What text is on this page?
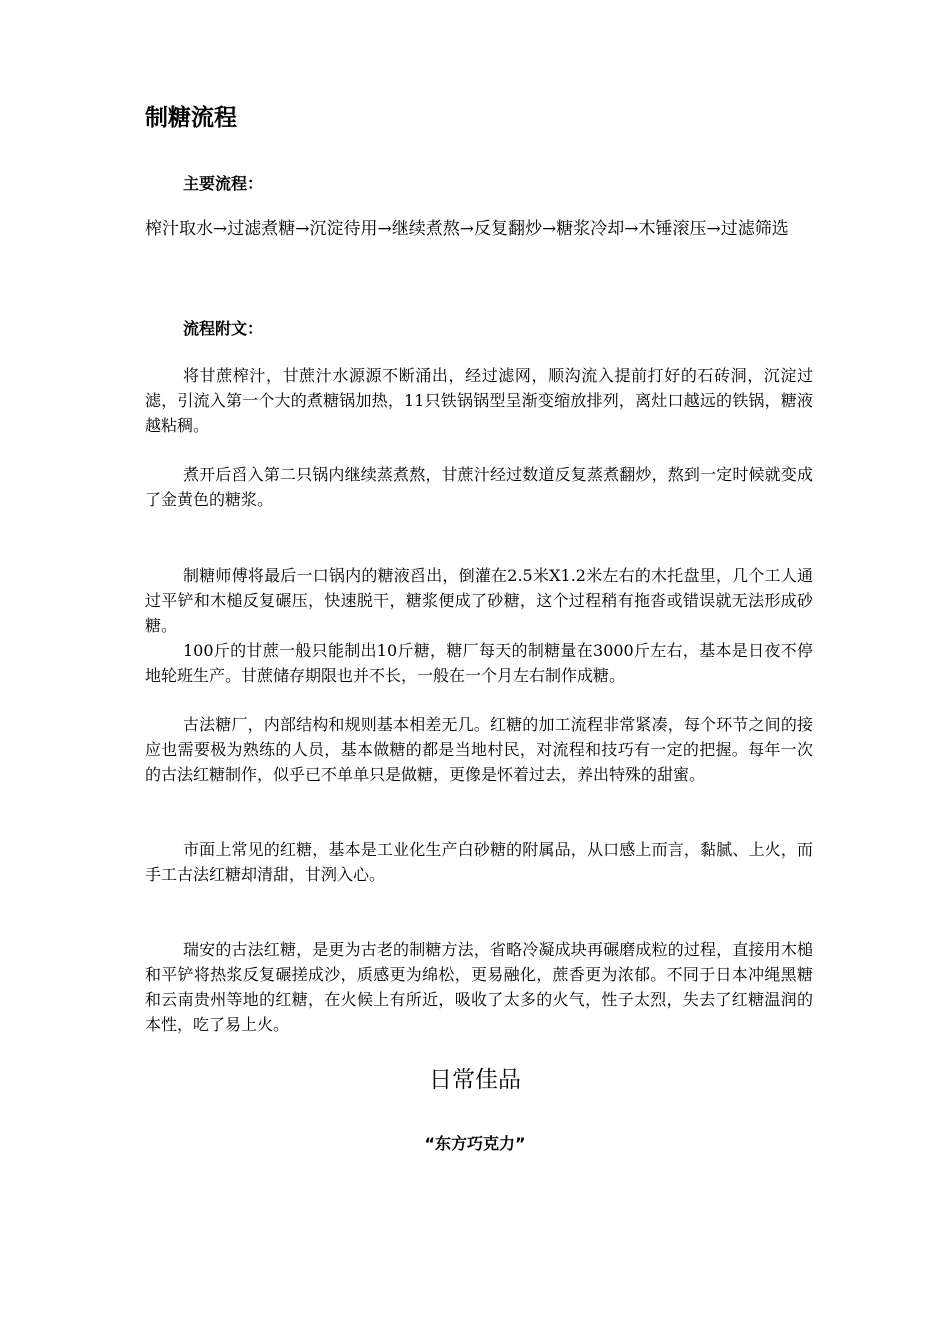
制糖流程
主要流程：

榨汁取水→过滤煮糖→沉淀待用→继续煮熬→反复翻炒→糖浆冷却→木锤滚压→过滤筛选

流程附文：

将甘蔗榨汁，甘蔗汁水源源不断涌出，经过滤网，顺沟流入提前打好的石砖洞，沉淀过滤，引流入第一个大的煮糖锅加热，11只铁锅锅型呈渐变缩放排列，离灶口越远的铁锅，糖液越粘稠。

煮开后舀入第二只锅内继续蒸煮熬，甘蔗汁经过数道反复蒸煮翻炒，熬到一定时候就变成了金黄色的糖浆。

制糖师傅将最后一口锅内的糖液舀出，倒灌在2.5米X1.2米左右的木托盘里，几个工人通过平铲和木槌反复碾压，快速脱干，糖浆便成了砂糖，这个过程稍有拖沓或错误就无法形成砂糖。

100斤的甘蔗一般只能制出10斤糖，糖厂每天的制糖量在3000斤左右，基本是日夜不停地轮班生产。甘蔗储存期限也并不长，一般在一个月左右制作成糖。

古法糖厂，内部结构和规则基本相差无几。红糖的加工流程非常紧凑，每个环节之间的接应也需要极为熟练的人员，基本做糖的都是当地村民，对流程和技巧有一定的把握。每年一次的古法红糖制作，似乎已不单单只是做糖，更像是怀着过去，养出特殊的甜蜜。

市面上常见的红糖，基本是工业化生产白砂糖的附属品，从口感上而言，黏腻、上火，而手工古法红糖却清甜，甘洌入心。

瑞安的古法红糖，是更为古老的制糖方法，省略冷凝成块再碾磨成粒的过程，直接用木槌和平铲将热浆反复碾搓成沙，质感更为绵松，更易融化，蔗香更为浓郁。不同于日本冲绳黑糖和云南贵州等地的红糖，在火候上有所近，吸收了太多的火气，性子太烈，失去了红糖温润的本性，吃了易上火。

日常佳品
“东方巧克力”
